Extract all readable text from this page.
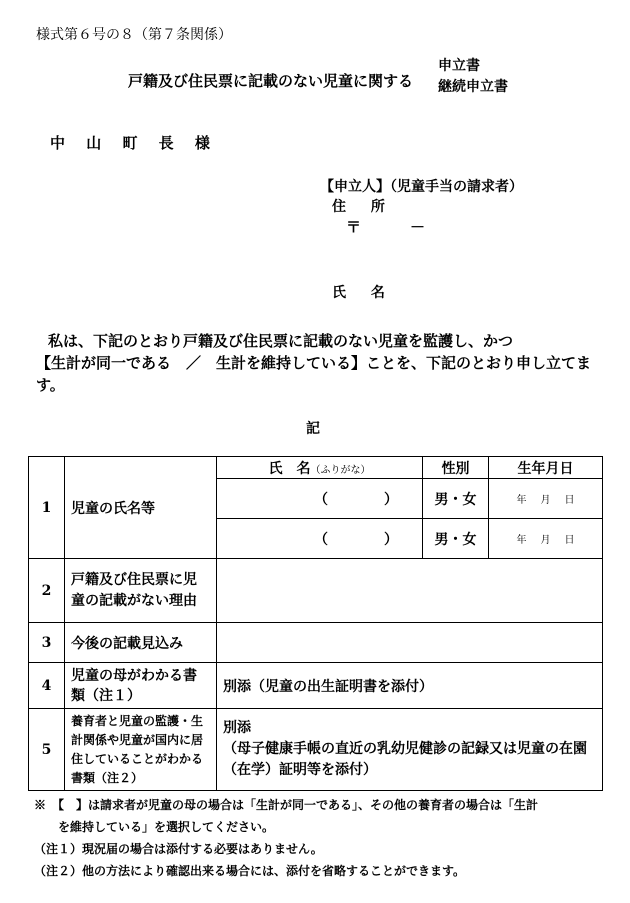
様式第６号の８（第７条関係）
戸籍及び住民票に記載のない児童に関する
申立書
継続申立書
中 山 町 長 様
【申立人】（児童手当の請求者）
住 所
〒	－
氏 名
私は、下記のとおり戸籍及び住民票に記載のない児童を監護し、かつ
【生計が同一である　／　生計を維持している】ことを、下記のとおり申し立てます。
記
1	児童の氏名等	氏　名（ふりがな）	性別	生年月日

		（ ）	男・女	年 月 日

		（ ）	男・女	年 月 日

2	戸籍及び住民票に児童の記載がない理由			
3	今後の記載見込み			
4	児童の母がわかる書類（注１）	別添（児童の出生証明書を添付）		
5	養育者と児童の監護・生計関係や児童が国内に居住していることがわかる書類（注２）	別添
（母子健康手帳の直近の乳幼児健診の記録又は児童の在園（在学）証明等を添付）		
※　【　】は請求者が児童の母の場合は「生計が同一である」、その他の養育者の場合は「生計
を維持している」を選択してください。
（注１）現況届の場合は添付する必要はありません。
（注２）他の方法により確認出来る場合には、添付を省略することができます。
